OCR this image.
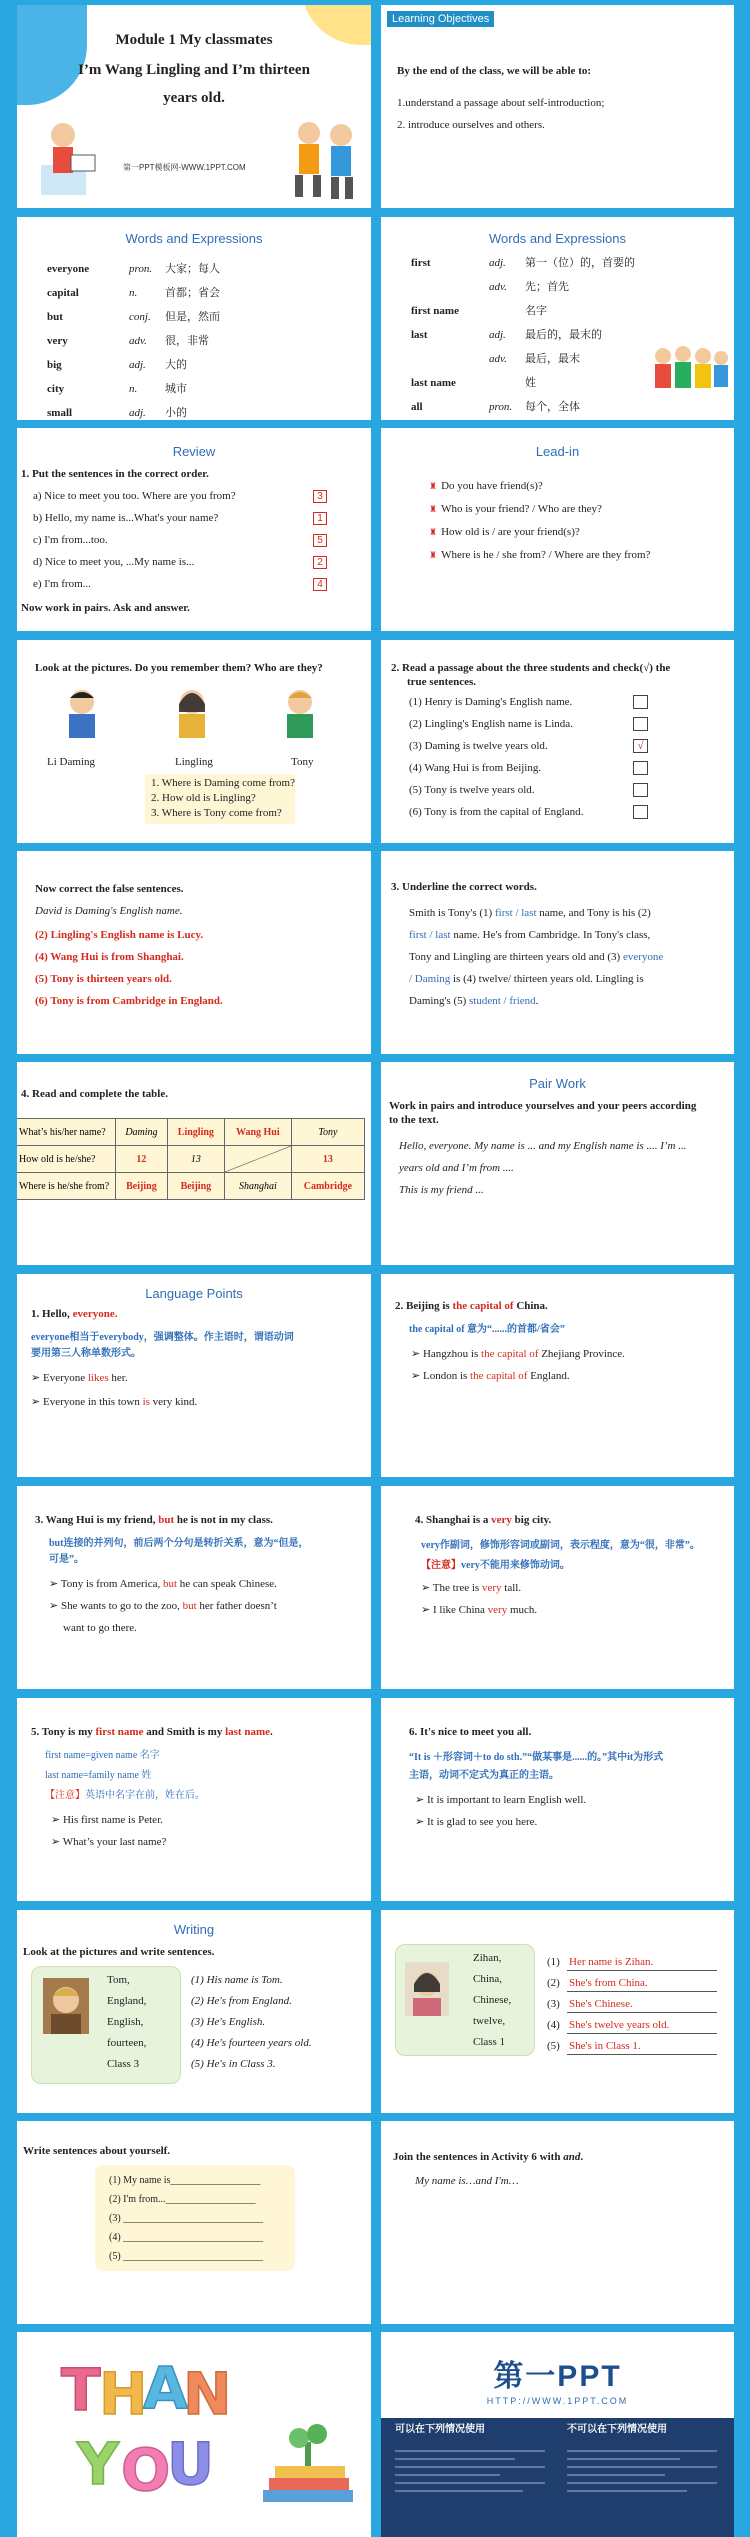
Module 1 My classmates
I’m Wang Lingling and I’m thirteen
years old.
第一PPT模板网-WWW.1PPT.COM
Learning Objectives
By the end of the class, we will be able to:
1.understand a passage about self-introduction;
2. introduce ourselves and others.
Words and Expressions
everyone	pron. 大家；每人
capital	n.	首都；省会
but	conj. 但是，然而
very	adv. 很，非常
big	adj. 大的
city	n.	城市
small	adj. 小的
Words and Expressions
first	adj. 第一（位）的，首要的
adv. 先；首先
first name	名字
last	adj. 最后的，最末的
adv. 最后，最末
last name	姓
all	pron. 每个，全体
Review
1. Put the sentences in the correct order.
a) Nice to meet you too. Where are you from?	3
b) Hello, my name is...What's your name?	1
c) I'm from...too.	5
d) Nice to meet you, ...My name is...	2
e) I'm from...	4
Now work in pairs. Ask and answer.
Lead-in
♜ Do you have friend(s)?
♜ Who is your friend? / Who are they?
♜ How old is / are your friend(s)?
♜ Where is he / she from? / Where are they from?
Look at the pictures. Do you remember them? Who are they?
Li Daming	Lingling	Tony
1. Where is Daming come from?
2. How old is Lingling?
3. Where is Tony come from?
2. Read a passage about the three students and check(√) the
true sentences.
(1) Henry is Daming's English name.
(2) Lingling's English name is Linda.
(3) Daming is twelve years old.	√
(4) Wang Hui is from Beijing.
(5) Tony is twelve years old.
(6) Tony is from the capital of England.
Now correct the false sentences.
David is Daming's English name.
(2) Lingling's English name is Lucy.
(4) Wang Hui is from Shanghai.
(5) Tony is thirteen years old.
(6) Tony is from Cambridge in England.
3. Underline the correct words.
Smith is Tony's (1) first / last name, and Tony is his (2)
first / last name. He's from Cambridge. In Tony's class,
Tony and Lingling are thirteen years old and (3) everyone
/ Daming is (4) twelve/ thirteen years old. Lingling is
Daming's (5) student / friend.
4. Read and complete the table.
What’s his/her name?	Daming	Lingling	Wang Hui	Tony
How old is he/she?	12	13		13
Where is he/she from?	Beijing	Beijing	Shanghai	Cambridge
Pair Work
Work in pairs and introduce yourselves and your peers according
to the text.
Hello, everyone. My name is ... and my English name is .... I’m ...
years old and I’m from ....
This is my friend ...
Language Points
1. Hello, everyone.
everyone相当于everybody，强调整体。作主语时，谓语动词
要用第三人称单数形式。
➢ Everyone likes her.
➢ Everyone in this town is very kind.
2. Beijing is the capital of China.
the capital of 意为“......的首都/省会”
➢ Hangzhou is the capital of Zhejiang Province.
➢ London is the capital of England.
3. Wang Hui is my friend, but he is not in my class.
but连接的并列句，前后两个分句是转折关系，意为“但是，
可是”。
➢ Tony is from America, but he can speak Chinese.
➢ She wants to go to the zoo, but her father doesn’t
want to go there.
4. Shanghai is a very big city.
very作副词，修饰形容词或副词，表示程度，意为“很，非常”。
【注意】very不能用来修饰动词。
➢ The tree is very tall.
➢ I like China very much.
5. Tony is my first name and Smith is my last name.
first name=given name 名字
last name=family name 姓
【注意】英语中名字在前，姓在后。
➢ His first name is Peter.
➢ What’s your last name?
6. It's nice to meet you all.
“It is ＋形容词＋to do sth.”“做某事是......的。”其中it为形式
主语，动词不定式为真正的主语。
➢ It is important to learn English well.
➢ It is glad to see you here.
Writing
Look at the pictures and write sentences.
Tom,
England,
English,
fourteen,
Class 3
(1) His name is Tom.
(2) He's from England.
(3) He's English.
(4) He's fourteen years old.
(5) He's in Class 3.
Zihan,
China,
Chinese,
twelve,
Class 1
(1) Her name is Zihan.
(2) She's from China.
(3) She's Chinese.
(4) She's twelve years old.
(5) She's in Class 1.
Write sentences about yourself.
(1) My name is__________________
(2) I'm from...__________________
(3) ____________________________
(4) ____________________________
(5) ____________________________
Join the sentences in Activity 6 with and.
My name is…and I'm…
T
H
A
N
Y O
U
第一PPT
HTTP://WWW.1PPT.COM
可以在下列情况使用	不可以在下列情况使用
